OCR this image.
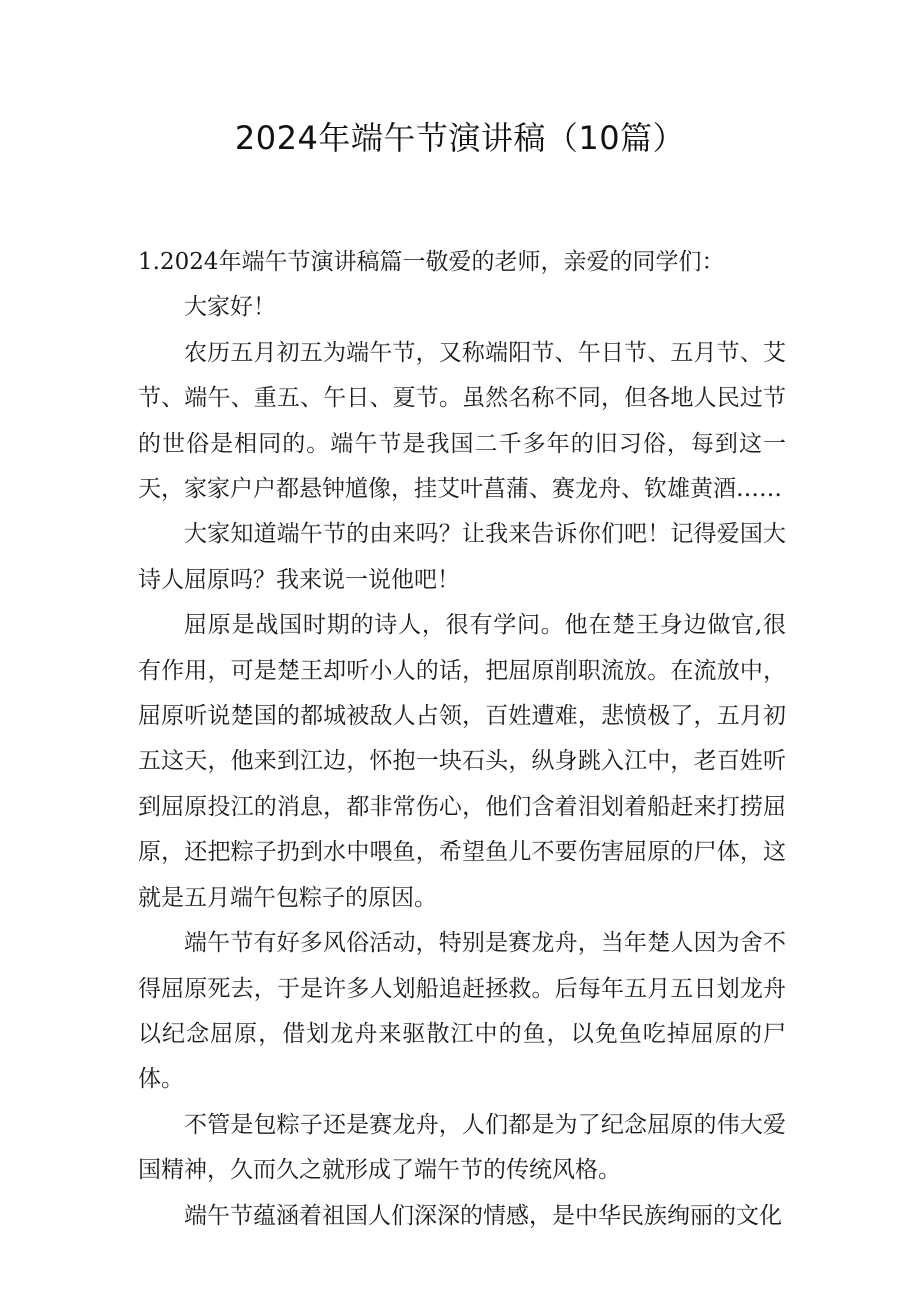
2024年端午节演讲稿（10篇）

1.2024年端午节演讲稿篇一敬爱的老师，亲爱的同学们：

大家好！

农历五月初五为端午节，又称端阳节、午日节、五月节、艾节、端午、重五、午日、夏节。虽然名称不同，但各地人民过节的世俗是相同的。端午节是我国二千多年的旧习俗，每到这一天，家家户户都悬钟馗像，挂艾叶菖蒲、赛龙舟、钦雄黄酒……

大家知道端午节的由来吗？让我来告诉你们吧！记得爱国大诗人屈原吗？我来说一说他吧！

屈原是战国时期的诗人，很有学问。他在楚王身边做官,很有作用，可是楚王却听小人的话，把屈原削职流放。在流放中，屈原听说楚国的都城被敌人占领，百姓遭难，悲愤极了，五月初五这天，他来到江边，怀抱一块石头，纵身跳入江中，老百姓听到屈原投江的消息，都非常伤心，他们含着泪划着船赶来打捞屈原，还把粽子扔到水中喂鱼，希望鱼儿不要伤害屈原的尸体，这就是五月端午包粽子的原因。

端午节有好多风俗活动，特别是赛龙舟，当年楚人因为舍不得屈原死去，于是许多人划船追赶拯救。后每年五月五日划龙舟以纪念屈原，借划龙舟来驱散江中的鱼，以免鱼吃掉屈原的尸体。

不管是包粽子还是赛龙舟，人们都是为了纪念屈原的伟大爱国精神，久而久之就形成了端午节的传统风格。

端午节蕴涵着祖国人们深深的情感，是中华民族绚丽的文化
